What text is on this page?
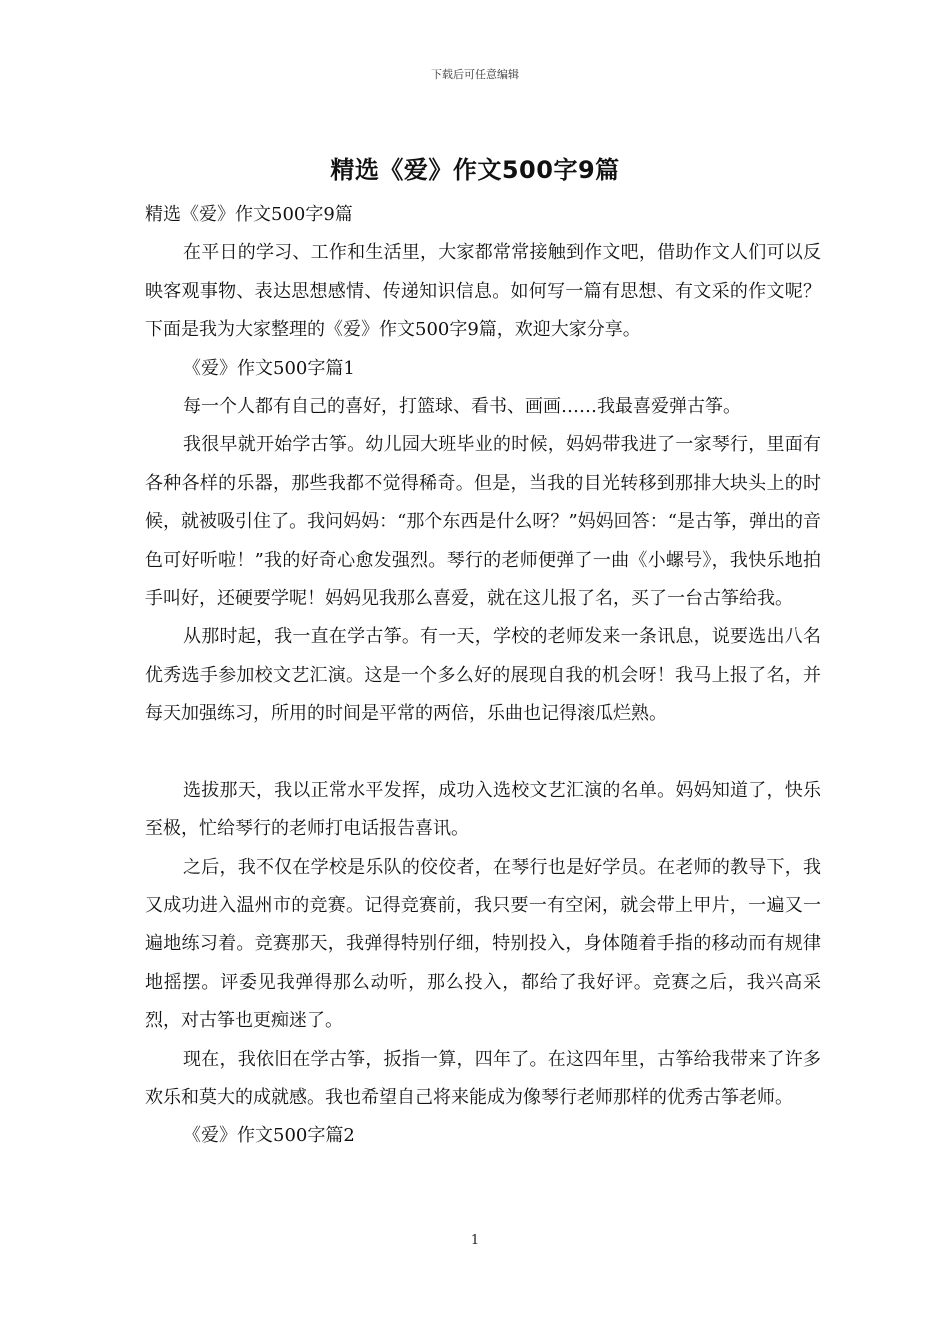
下载后可任意编辑
精选《爱》作文500字9篇

精选《爱》作文500字9篇

在平日的学习、工作和生活里，大家都常常接触到作文吧，借助作文人们可以反映客观事物、表达思想感情、传递知识信息。如何写一篇有思想、有文采的作文呢？下面是我为大家整理的《爱》作文500字9篇，欢迎大家分享。

《爱》作文500字篇1

每一个人都有自己的喜好，打篮球、看书、画画……我最喜爱弹古筝。

我很早就开始学古筝。幼儿园大班毕业的时候，妈妈带我进了一家琴行，里面有各种各样的乐器，那些我都不觉得稀奇。但是，当我的目光转移到那排大块头上的时候，就被吸引住了。我问妈妈：“那个东西是什么呀？”妈妈回答：“是古筝，弹出的音色可好听啦！”我的好奇心愈发强烈。琴行的老师便弹了一曲《小螺号》，我快乐地拍手叫好，还硬要学呢！妈妈见我那么喜爱，就在这儿报了名，买了一台古筝给我。

从那时起，我一直在学古筝。有一天，学校的老师发来一条讯息，说要选出八名优秀选手参加校文艺汇演。这是一个多么好的展现自我的机会呀！我马上报了名，并每天加强练习，所用的时间是平常的两倍，乐曲也记得滚瓜烂熟。

选拔那天，我以正常水平发挥，成功入选校文艺汇演的名单。妈妈知道了，快乐至极，忙给琴行的老师打电话报告喜讯。

之后，我不仅在学校是乐队的佼佼者，在琴行也是好学员。在老师的教导下，我又成功进入温州市的竞赛。记得竞赛前，我只要一有空闲，就会带上甲片，一遍又一遍地练习着。竞赛那天，我弹得特别仔细，特别投入，身体随着手指的移动而有规律地摇摆。评委见我弹得那么动听，那么投入，都给了我好评。竞赛之后，我兴高采烈，对古筝也更痴迷了。

现在，我依旧在学古筝，扳指一算，四年了。在这四年里，古筝给我带来了许多欢乐和莫大的成就感。我也希望自己将来能成为像琴行老师那样的优秀古筝老师。

《爱》作文500字篇2

1
